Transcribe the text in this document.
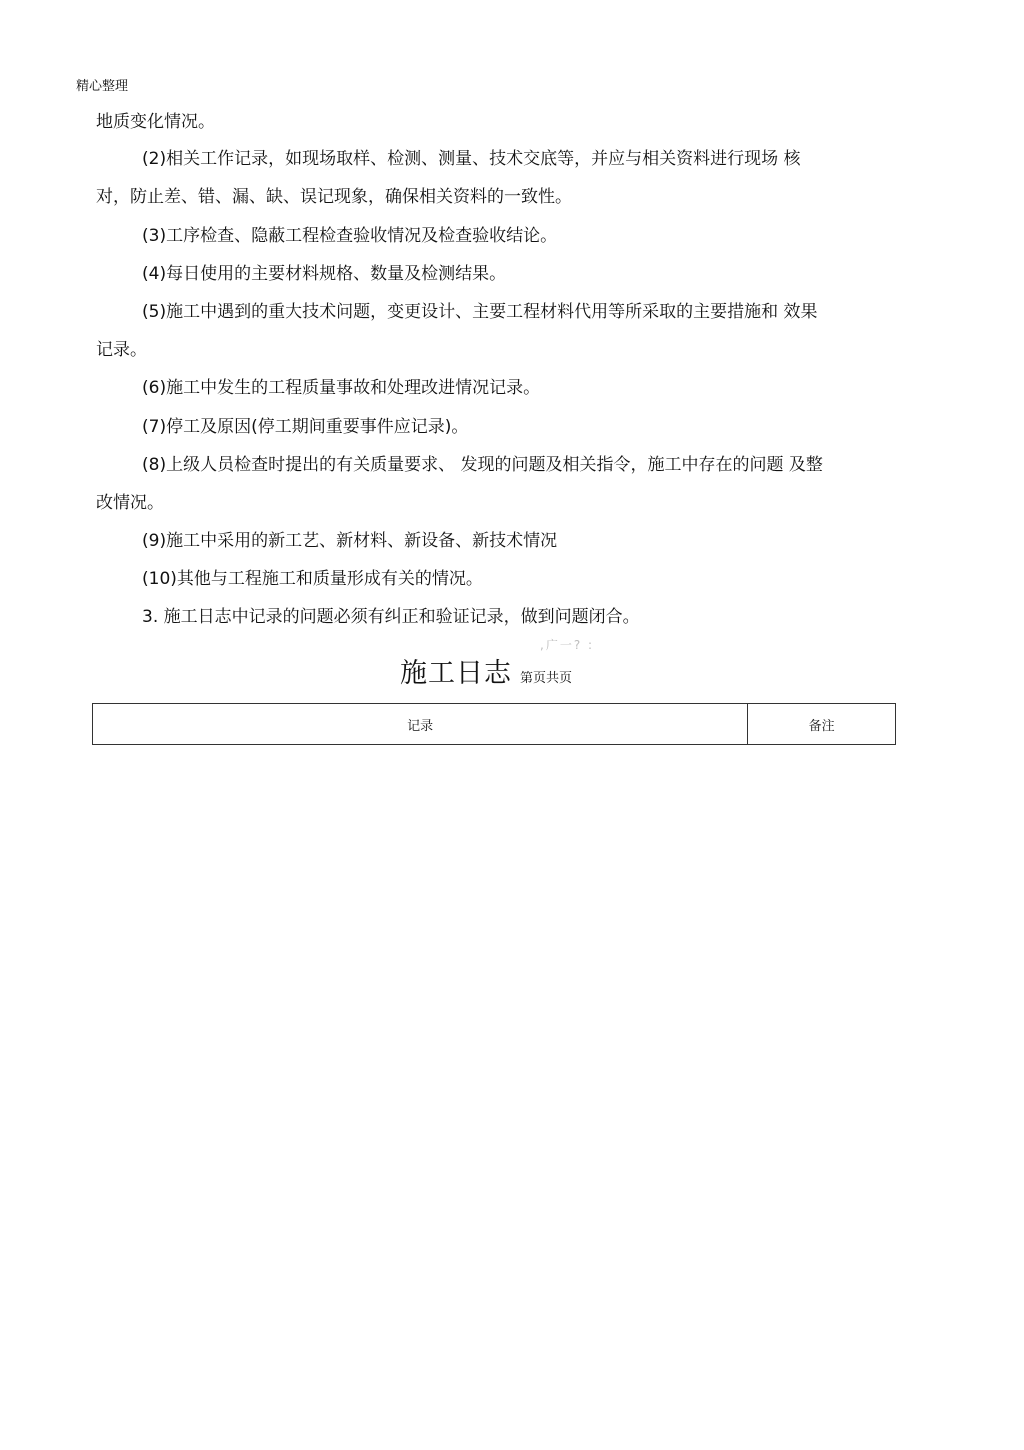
精心整理
地质变化情况。
(2)相关工作记录，如现场取样、检测、测量、技术交底等，并应与相关资料进行现场 核
对，防止差、错、漏、缺、误记现象，确保相关资料的一致性。
(3)工序检查、隐蔽工程检查验收情况及检查验收结论。
(4)每日使用的主要材料规格、数量及检测结果。
(5)施工中遇到的重大技术问题，变更设计、主要工程材料代用等所采取的主要措施和 效果
记录。
(6)施工中发生的工程质量事故和处理改进情况记录。
(7)停工及原因(停工期间重要事件应记录)。
(8)上级人员检查时提出的有关质量要求、 发现的问题及相关指令，施工中存在的问题 及整
改情况。
(9)施工中采用的新工艺、新材料、新设备、新技术情况
(10)其他与工程施工和质量形成有关的情况。
3. 施工日志中记录的问题必须有纠正和验证记录，做到问题闭合。
,广一? :
施工日志 第页共页
记录	备注
